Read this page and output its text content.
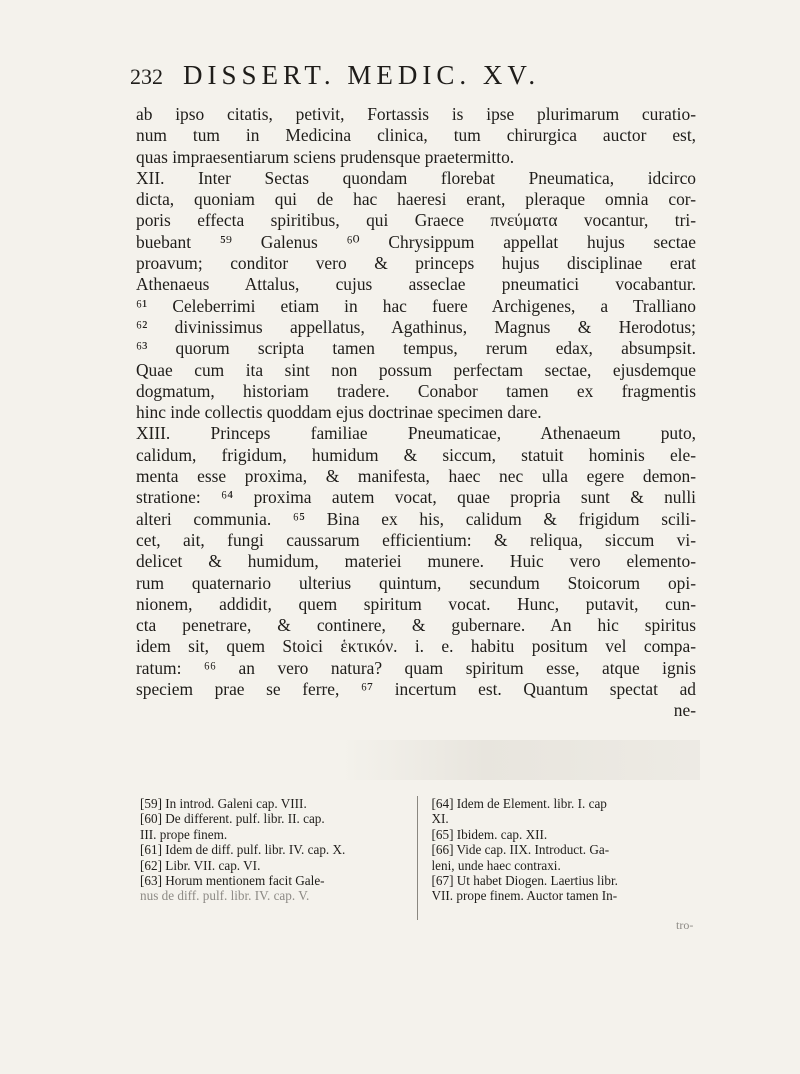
232 DISSERT. MEDIC. XV.
ab ipso citatis, petivit, Fortassis is ipse plurimarum curatio-
num tum in Medicina clinica, tum chirurgica auctor est,
quas impraesentiarum sciens prudensque praetermitto.
XII. Inter Sectas quondam florebat Pneumatica, idcirco
dicta, quoniam qui de hac haeresi erant, pleraque omnia cor-
poris effecta spiritibus, qui Graece πνεύματα vocantur, tri-
buebant ⁵⁹ Galenus ⁶⁰ Chrysippum appellat hujus sectae
proavum; conditor vero & princeps hujus disciplinae erat
Athenaeus Attalus, cujus asseclae pneumatici vocabantur.
⁶¹ Celeberrimi etiam in hac fuere Archigenes, a Tralliano
⁶² divinissimus appellatus, Agathinus, Magnus & Herodotus;
⁶³ quorum scripta tamen tempus, rerum edax, absumpsit.
Quae cum ita sint non possum perfectam sectae, ejusdemque
dogmatum, historiam tradere. Conabor tamen ex fragmentis
hinc inde collectis quoddam ejus doctrinae specimen dare.
XIII. Princeps familiae Pneumaticae, Athenaeum puto,
calidum, frigidum, humidum & siccum, statuit hominis ele-
menta esse proxima, & manifesta, haec nec ulla egere demon-
stratione: ⁶⁴ proxima autem vocat, quae propria sunt & nulli
alteri communia. ⁶⁵ Bina ex his, calidum & frigidum scili-
cet, ait, fungi caussarum efficientium: & reliqua, siccum vi-
delicet & humidum, materiei munere. Huic vero elemento-
rum quaternario ulterius quintum, secundum Stoicorum opi-
nionem, addidit, quem spiritum vocat. Hunc, putavit, cun-
cta penetrare, & continere, & gubernare. An hic spiritus
idem sit, quem Stoici ἑκτικόν. i. e. habitu positum vel compa-
ratum: ⁶⁶ an vero natura? quam spiritum esse, atque ignis
speciem prae se ferre, ⁶⁷ incertum est. Quantum spectat ad
ne-
[59] In introd. Galeni cap. VIII.
[60] De different. pulf. libr. II. cap.
III. prope finem.
[61] Idem de diff. pulf. libr. IV. cap. X.
[62] Libr. VII. cap. VI.
[63] Horum mentionem facit Gale-
nus de diff. pulf. libr. IV. cap. V.
[64] Idem de Element. libr. I. cap
XI.
[65] Ibidem. cap. XII.
[66] Vide cap. IIX. Introduct. Ga-
leni, unde haec contraxi.
[67] Ut habet Diogen. Laertius libr.
VII. prope finem. Auctor tamen In-
tro-
